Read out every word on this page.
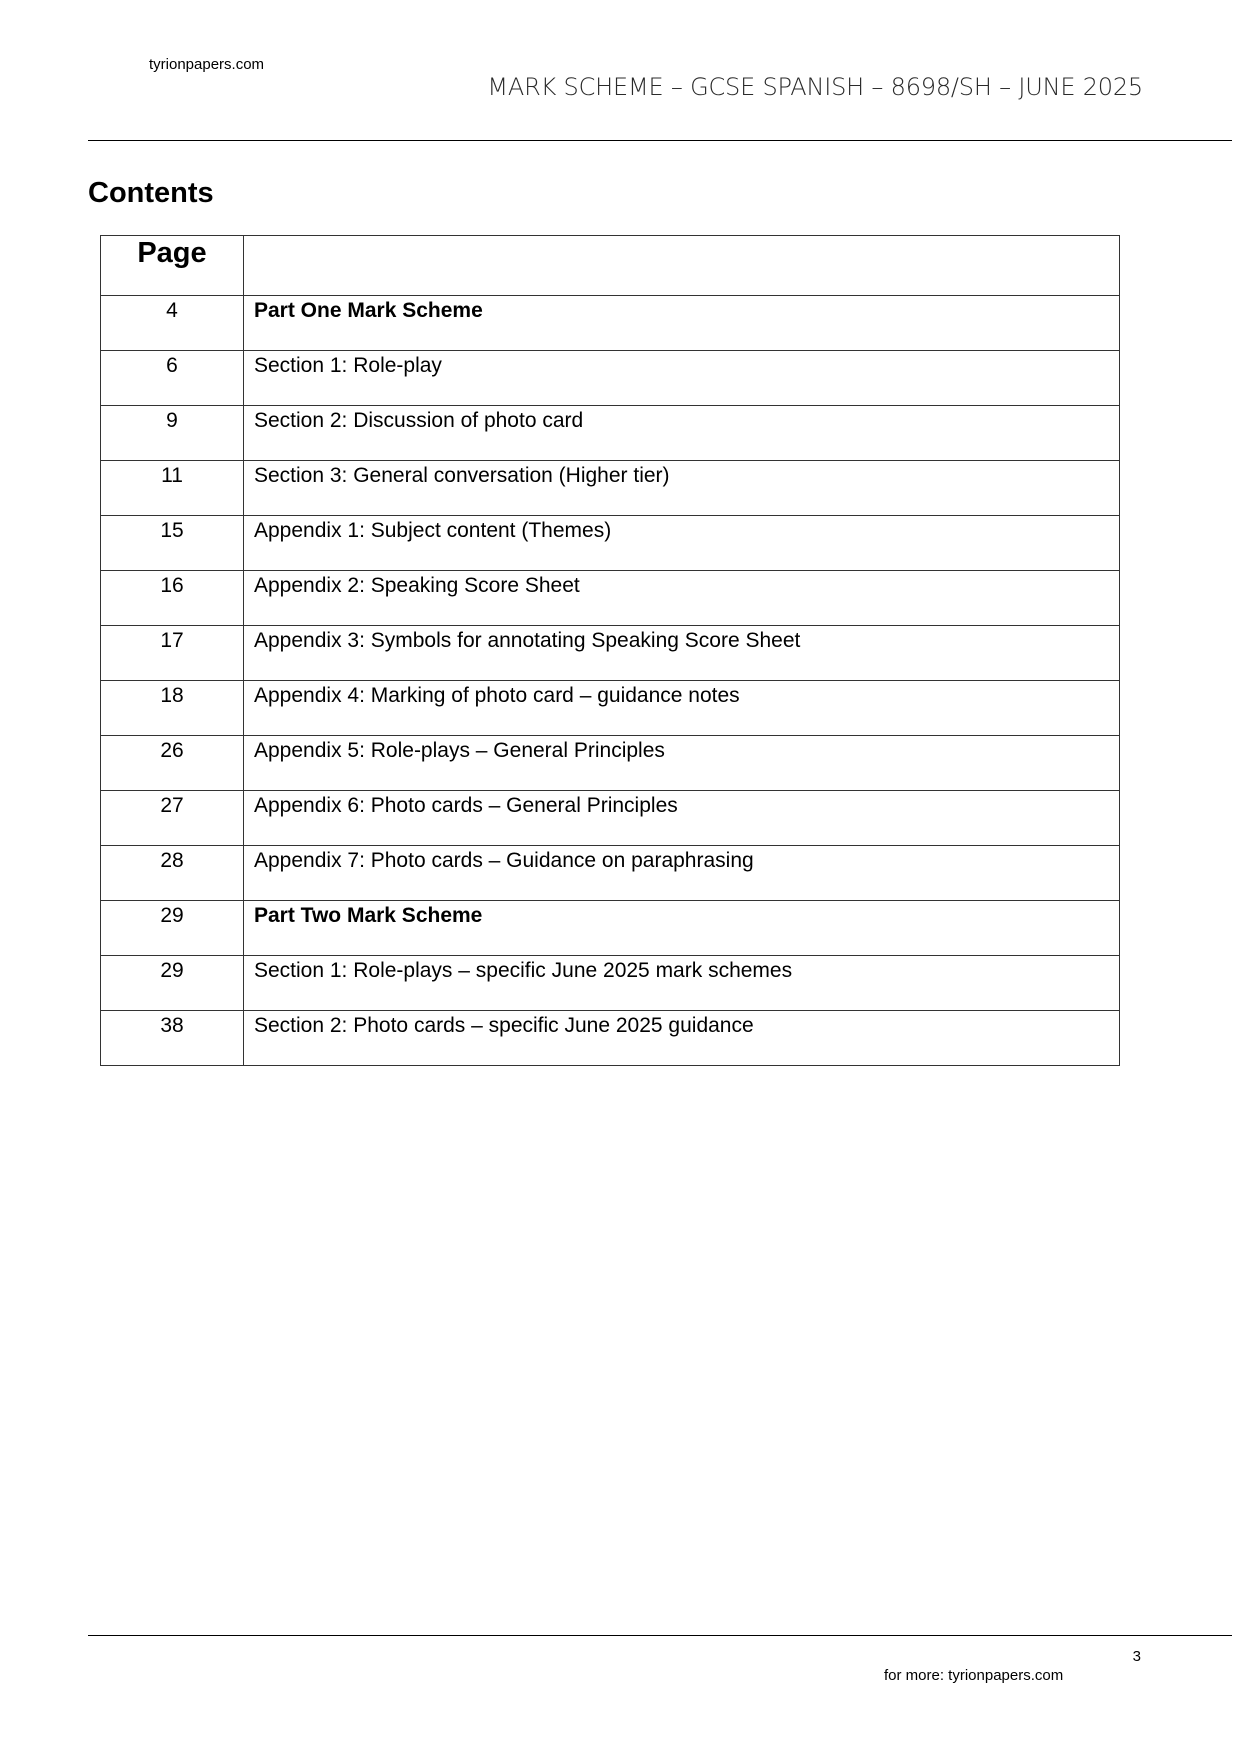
tyrionpapers.com
MARK SCHEME – GCSE SPANISH – 8698/SH – JUNE 2025
Contents
Page	
4	Part One Mark Scheme
6	Section 1: Role-play
9	Section 2: Discussion of photo card
11	Section 3: General conversation (Higher tier)
15	Appendix 1: Subject content (Themes)
16	Appendix 2: Speaking Score Sheet
17	Appendix 3: Symbols for annotating Speaking Score Sheet
18	Appendix 4: Marking of photo card – guidance notes
26	Appendix 5: Role-plays – General Principles
27	Appendix 6: Photo cards – General Principles
28	Appendix 7: Photo cards – Guidance on paraphrasing
29	Part Two Mark Scheme
29	Section 1: Role-plays – specific June 2025 mark schemes
38	Section 2: Photo cards – specific June 2025 guidance
3
for more: tyrionpapers.com
